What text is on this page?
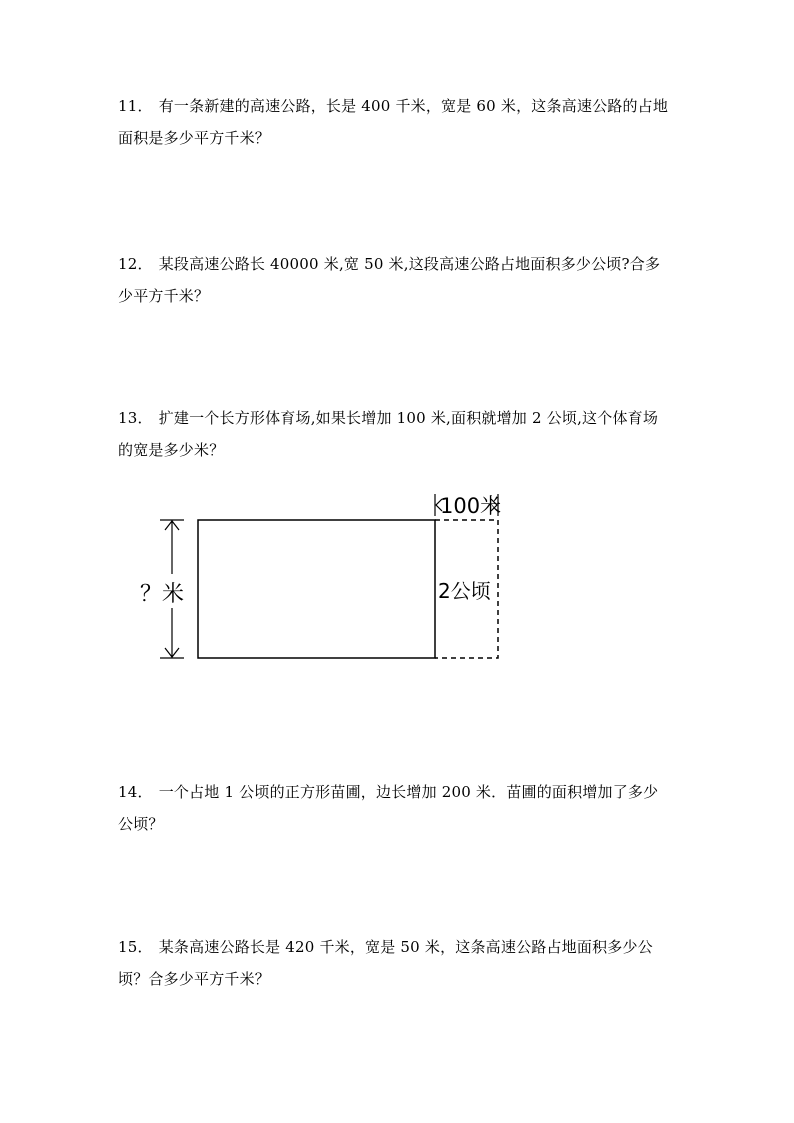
11． 有一条新建的高速公路，长是 400 千米，宽是 60 米，这条高速公路的占地
面积是多少平方千米？
12． 某段高速公路长 40000 米,宽 50 米,这段高速公路占地面积多少公顷?合多
少平方千米？
13． 扩建一个长方形体育场,如果长增加 100 米,面积就增加 2 公顷,这个体育场
的宽是多少米？
？米
100米
2公顷
14． 一个占地 1 公顷的正方形苗圃，边长增加 200 米．苗圃的面积增加了多少
公顷？
15． 某条高速公路长是 420 千米，宽是 50 米，这条高速公路占地面积多少公
顷？合多少平方千米？
